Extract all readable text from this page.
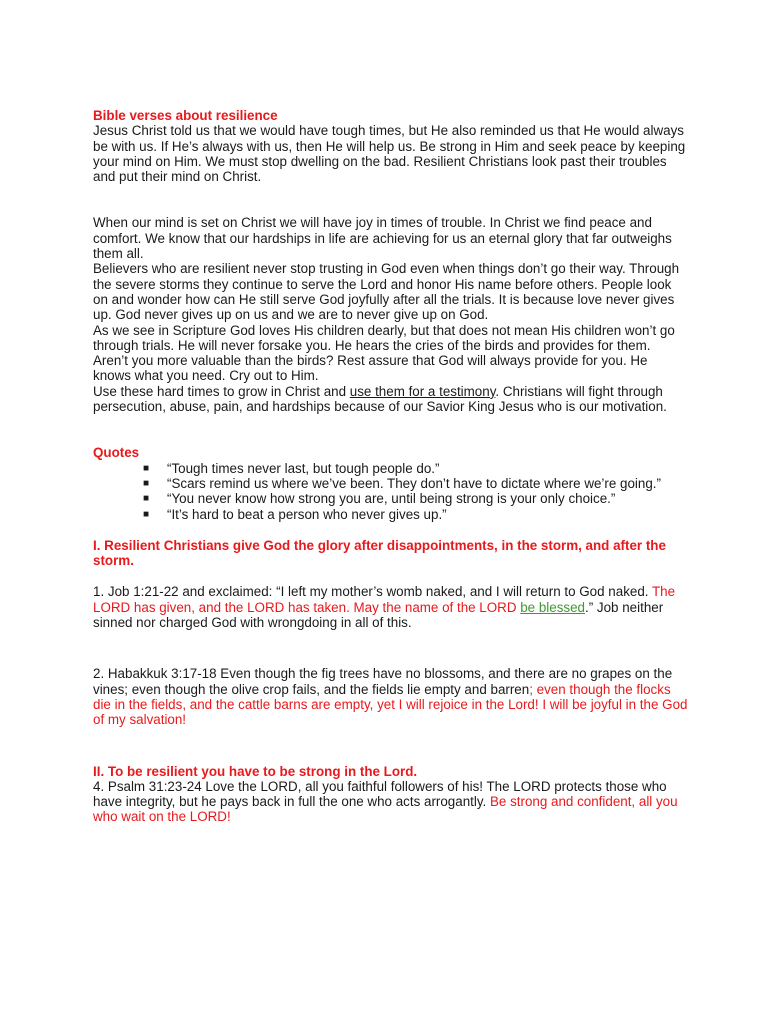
Bible verses about resilience

Jesus Christ told us that we would have tough times, but He also reminded us that He would always be with us. If He’s always with us, then He will help us. Be strong in Him and seek peace by keeping your mind on Him. We must stop dwelling on the bad. Resilient Christians look past their troubles and put their mind on Christ.

When our mind is set on Christ we will have joy in times of trouble. In Christ we find peace and comfort. We know that our hardships in life are achieving for us an eternal glory that far outweighs them all.

Believers who are resilient never stop trusting in God even when things don’t go their way. Through the severe storms they continue to serve the Lord and honor His name before others. People look on and wonder how can He still serve God joyfully after all the trials. It is because love never gives up. God never gives up on us and we are to never give up on God.

As we see in Scripture God loves His children dearly, but that does not mean His children won’t go through trials. He will never forsake you. He hears the cries of the birds and provides for them. Aren’t you more valuable than the birds? Rest assure that God will always provide for you. He knows what you need. Cry out to Him.

Use these hard times to grow in Christ and use them for a testimony. Christians will fight through persecution, abuse, pain, and hardships because of our Savior King Jesus who is our motivation.

Quotes

■ “Tough times never last, but tough people do.”
■ “Scars remind us where we’ve been. They don’t have to dictate where we’re going.”
■ “You never know how strong you are, until being strong is your only choice.”
■ “It’s hard to beat a person who never gives up.”

I. Resilient Christians give God the glory after disappointments, in the storm, and after the storm.

1. Job 1:21-22 and exclaimed: “I left my mother’s womb naked, and I will return to God naked. The LORD has given, and the LORD has taken. May the name of the LORD be blessed.” Job neither sinned nor charged God with wrongdoing in all of this.

2. Habakkuk 3:17-18 Even though the fig trees have no blossoms, and there are no grapes on the vines; even though the olive crop fails, and the fields lie empty and barren; even though the flocks die in the fields, and the cattle barns are empty, yet I will rejoice in the Lord! I will be joyful in the God of my salvation!

II. To be resilient you have to be strong in the Lord.

4. Psalm 31:23-24 Love the LORD, all you faithful followers of his! The LORD protects those who have integrity, but he pays back in full the one who acts arrogantly. Be strong and confident, all you who wait on the LORD!
